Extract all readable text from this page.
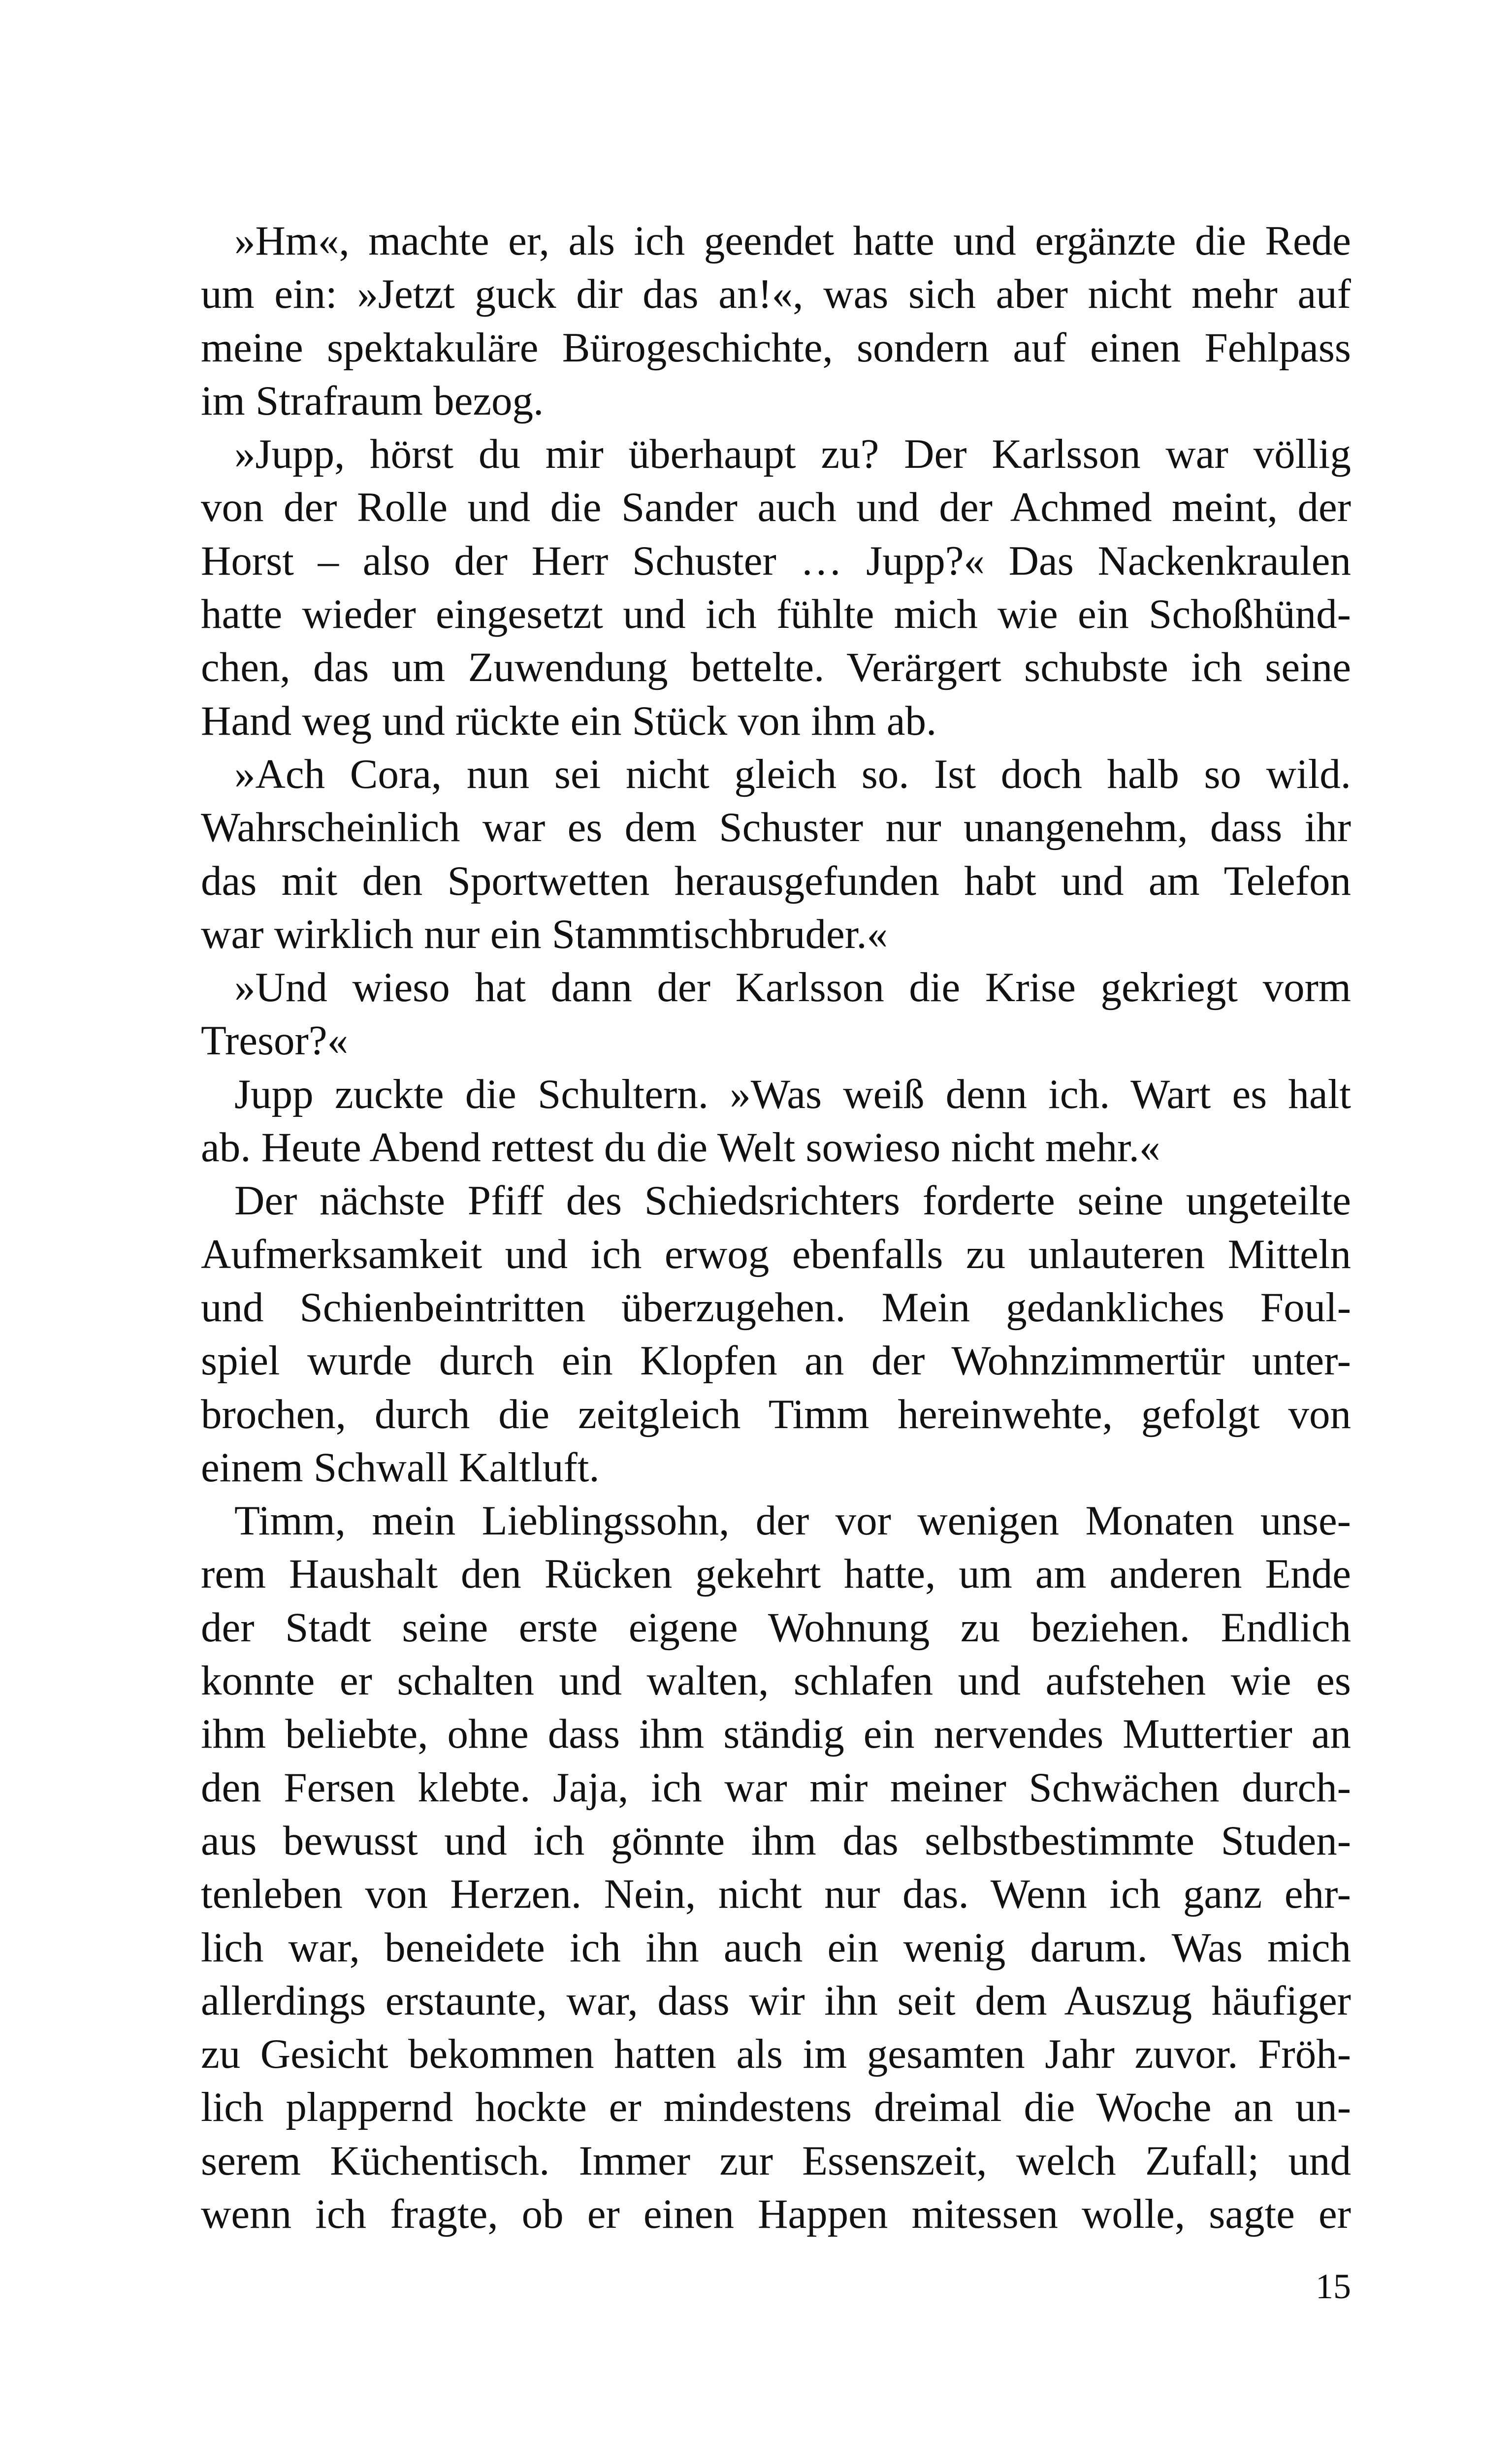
»Hm«, machte er, als ich geendet hatte und ergänzte die Rede
um ein: »Jetzt guck dir das an!«, was sich aber nicht mehr auf
meine spektakuläre Bürogeschichte, sondern auf einen Fehlpass
im Strafraum bezog.
»Jupp, hörst du mir überhaupt zu? Der Karlsson war völlig
von der Rolle und die Sander auch und der Achmed meint, der
Horst – also der Herr Schuster … Jupp?« Das Nackenkraulen
hatte wieder eingesetzt und ich fühlte mich wie ein Schoßhünd-
chen, das um Zuwendung bettelte. Verärgert schubste ich seine
Hand weg und rückte ein Stück von ihm ab.
»Ach Cora, nun sei nicht gleich so. Ist doch halb so wild.
Wahrscheinlich war es dem Schuster nur unangenehm, dass ihr
das mit den Sportwetten herausgefunden habt und am Telefon
war wirklich nur ein Stammtischbruder.«
»Und wieso hat dann der Karlsson die Krise gekriegt vorm
Tresor?«
Jupp zuckte die Schultern. »Was weiß denn ich. Wart es halt
ab. Heute Abend rettest du die Welt sowieso nicht mehr.«
Der nächste Pfiff des Schiedsrichters forderte seine ungeteilte
Aufmerksamkeit und ich erwog ebenfalls zu unlauteren Mitteln
und Schienbeintritten überzugehen. Mein gedankliches Foul-
spiel wurde durch ein Klopfen an der Wohnzimmertür unter-
brochen, durch die zeitgleich Timm hereinwehte, gefolgt von
einem Schwall Kaltluft.
Timm, mein Lieblingssohn, der vor wenigen Monaten unse-
rem Haushalt den Rücken gekehrt hatte, um am anderen Ende
der Stadt seine erste eigene Wohnung zu beziehen. Endlich
konnte er schalten und walten, schlafen und aufstehen wie es
ihm beliebte, ohne dass ihm ständig ein nervendes Muttertier an
den Fersen klebte. Jaja, ich war mir meiner Schwächen durch-
aus bewusst und ich gönnte ihm das selbstbestimmte Studen-
tenleben von Herzen. Nein, nicht nur das. Wenn ich ganz ehr-
lich war, beneidete ich ihn auch ein wenig darum. Was mich
allerdings erstaunte, war, dass wir ihn seit dem Auszug häufiger
zu Gesicht bekommen hatten als im gesamten Jahr zuvor. Fröh-
lich plappernd hockte er mindestens dreimal die Woche an un-
serem Küchentisch. Immer zur Essenszeit, welch Zufall; und
wenn ich fragte, ob er einen Happen mitessen wolle, sagte er
15
